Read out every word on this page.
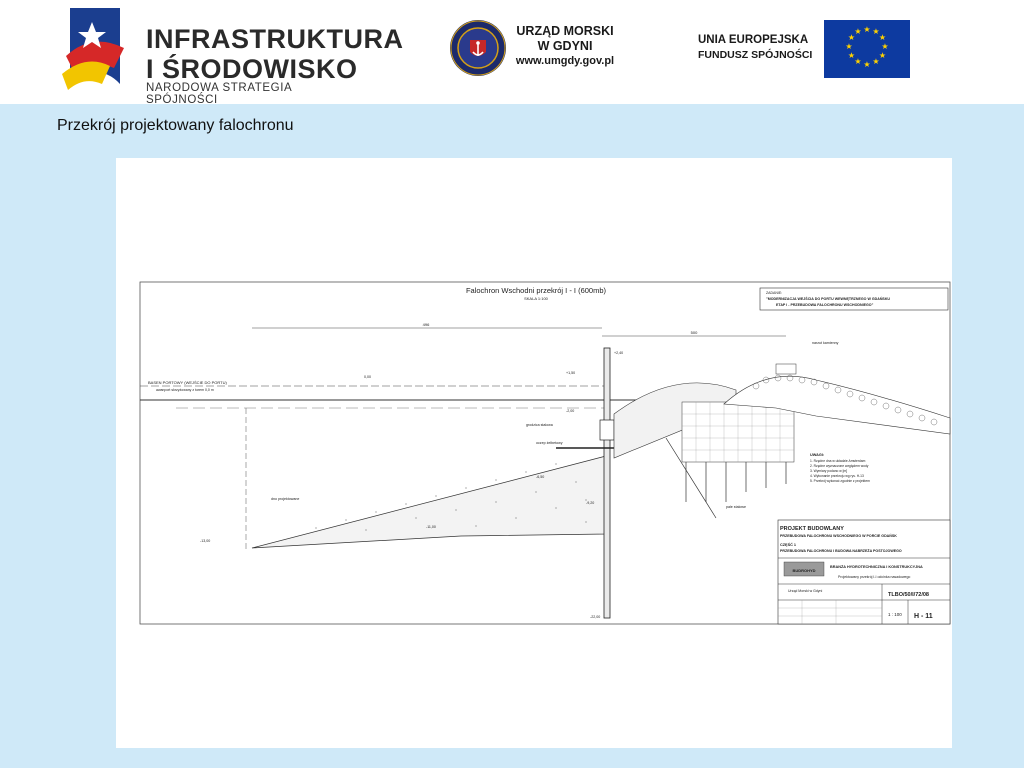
INFRASTRUKTURA
I ŚRODOWISKO
NARODOWA STRATEGIA SPÓJNOŚCI
URZĄD MORSKI
W GDYNI
www.umgdy.gov.pl
UNIA EUROPEJSKA
FUNDUSZ SPÓJNOŚCI
★ ★
★
★
★
★
★
★
★
★
★
★
Przekrój projektowany falochronu
Falochron Wschodni przekrój I - I (600mb)
SKALA 1:100
ZADANIE:
"MODERNIZACJA WEJŚCIA DO PORTU WEWNĘTRZNEGO W GDAŃSKU
ETAP I - PRZEBUDOWA FALOCHRONU WSCHODNIEGO"
496
500
BASEN PORTOWY (WEJŚCIE DO PORTU)
awanport skrzyżowany z torem 0,0 m
dno projektowane
grodzica stalowa
oczep żelbetowy
narzut kamienny
pale stalowe
+2,40
+1,50
0,00
-2,00
-6,50
-9,20
-11,00
-13,00
-22,00
UWAGI:
1. Rzędne dna w układzie Amsterdam
2. Rzędne wyznaczone względem wody
3. Wymiary podano w [m]
4. Wykonanie przekroju wg rys. H-13
5. Przekrój wykonać zgodnie z projektem
PROJEKT BUDOWLANY
PRZEBUDOWA FALOCHRONU WSCHODNIEGO W PORCIE GDAŃSK
CZĘŚĆ 1
PRZEBUDOWA FALOCHRONU I BUDOWA NABRZEŻA POSTOJOWEGO
BUDROHYD
BRANŻA HYDROTECHNICZNA I KONSTRUKCYJNA
Projektowany przekrój I-I odcinka nasadowego
Urząd Morski w Gdyni
TLBO/50/I/72/08
1 : 100 H - 11
